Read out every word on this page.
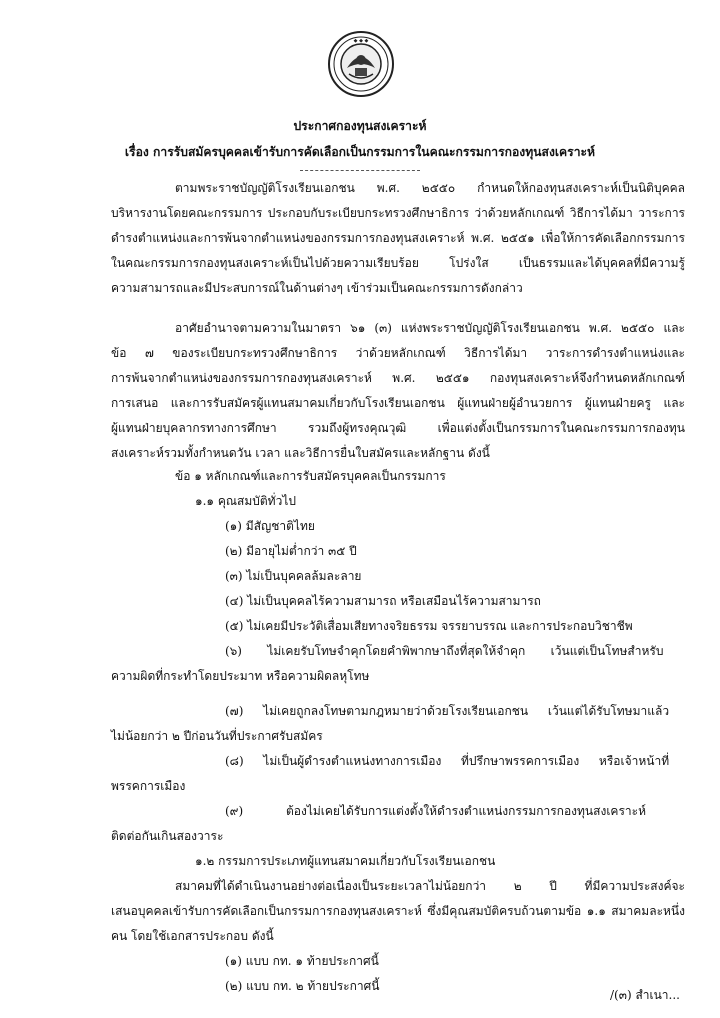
◆ ◆ ◆
ประกาศกองทุนสงเคราะห์
เรื่อง การรับสมัครบุคคลเข้ารับการคัดเลือกเป็นกรรมการในคณะกรรมการกองทุนสงเคราะห์
ตามพระราชบัญญัติโรงเรียนเอกชน พ.ศ. ๒๕๕๐ กำหนดให้กองทุนสงเคราะห์เป็นนิติบุคคล
บริหารงานโดยคณะกรรมการ ประกอบกับระเบียบกระทรวงศึกษาธิการ ว่าด้วยหลักเกณฑ์ วิธีการได้มา วาระการ
ดำรงตำแหน่งและการพ้นจากตำแหน่งของกรรมการกองทุนสงเคราะห์ พ.ศ. ๒๕๕๑ เพื่อให้การคัดเลือกกรรมการ
ในคณะกรรมการกองทุนสงเคราะห์เป็นไปด้วยความเรียบร้อย โปร่งใส เป็นธรรมและได้บุคคลที่มีความรู้
ความสามารถและมีประสบการณ์ในด้านต่างๆ เข้าร่วมเป็นคณะกรรมการดังกล่าว
อาศัยอำนาจตามความในมาตรา ๖๑ (๓) แห่งพระราชบัญญัติโรงเรียนเอกชน พ.ศ. ๒๕๕๐ และ
ข้อ ๗ ของระเบียบกระทรวงศึกษาธิการ ว่าด้วยหลักเกณฑ์ วิธีการได้มา วาระการดำรงตำแหน่งและ
การพ้นจากตำแหน่งของกรรมการกองทุนสงเคราะห์ พ.ศ. ๒๕๕๑ กองทุนสงเคราะห์จึงกำหนดหลักเกณฑ์
การเสนอ และการรับสมัครผู้แทนสมาคมเกี่ยวกับโรงเรียนเอกชน ผู้แทนฝ่ายผู้อำนวยการ ผู้แทนฝ่ายครู และ
ผู้แทนฝ่ายบุคลากรทางการศึกษา รวมถึงผู้ทรงคุณวุฒิ เพื่อแต่งตั้งเป็นกรรมการในคณะกรรมการกองทุน
สงเคราะห์รวมทั้งกำหนดวัน เวลา และวิธีการยื่นใบสมัครและหลักฐาน ดังนี้
ข้อ ๑ หลักเกณฑ์และการรับสมัครบุคคลเป็นกรรมการ
๑.๑ คุณสมบัติทั่วไป
(๑) มีสัญชาติไทย
(๒) มีอายุไม่ต่ำกว่า ๓๕ ปี
(๓) ไม่เป็นบุคคลล้มละลาย
(๔) ไม่เป็นบุคคลไร้ความสามารถ หรือเสมือนไร้ความสามารถ
(๕) ไม่เคยมีประวัติเสื่อมเสียทางจริยธรรม จรรยาบรรณ และการประกอบวิชาชีพ
(๖) ไม่เคยรับโทษจำคุกโดยคำพิพากษาถึงที่สุดให้จำคุก เว้นแต่เป็นโทษสำหรับ
ความผิดที่กระทำโดยประมาท หรือความผิดลหุโทษ
(๗) ไม่เคยถูกลงโทษตามกฎหมายว่าด้วยโรงเรียนเอกชน เว้นแต่ได้รับโทษมาแล้ว
ไม่น้อยกว่า ๒ ปีก่อนวันที่ประกาศรับสมัคร
(๘) ไม่เป็นผู้ดำรงตำแหน่งทางการเมือง ที่ปรึกษาพรรคการเมือง หรือเจ้าหน้าที่
พรรคการเมือง
(๙) ต้องไม่เคยได้รับการแต่งตั้งให้ดำรงตำแหน่งกรรมการกองทุนสงเคราะห์
ติดต่อกันเกินสองวาระ
๑.๒ กรรมการประเภทผู้แทนสมาคมเกี่ยวกับโรงเรียนเอกชน
สมาคมที่ได้ดำเนินงานอย่างต่อเนื่องเป็นระยะเวลาไม่น้อยกว่า ๒ ปี ที่มีความประสงค์จะ
เสนอบุคคลเข้ารับการคัดเลือกเป็นกรรมการกองทุนสงเคราะห์ ซึ่งมีคุณสมบัติครบถ้วนตามข้อ ๑.๑ สมาคมละหนึ่ง
คน โดยใช้เอกสารประกอบ ดังนี้
(๑) แบบ กท. ๑ ท้ายประกาศนี้
(๒) แบบ กท. ๒ ท้ายประกาศนี้
/(๓) สำเนา...
